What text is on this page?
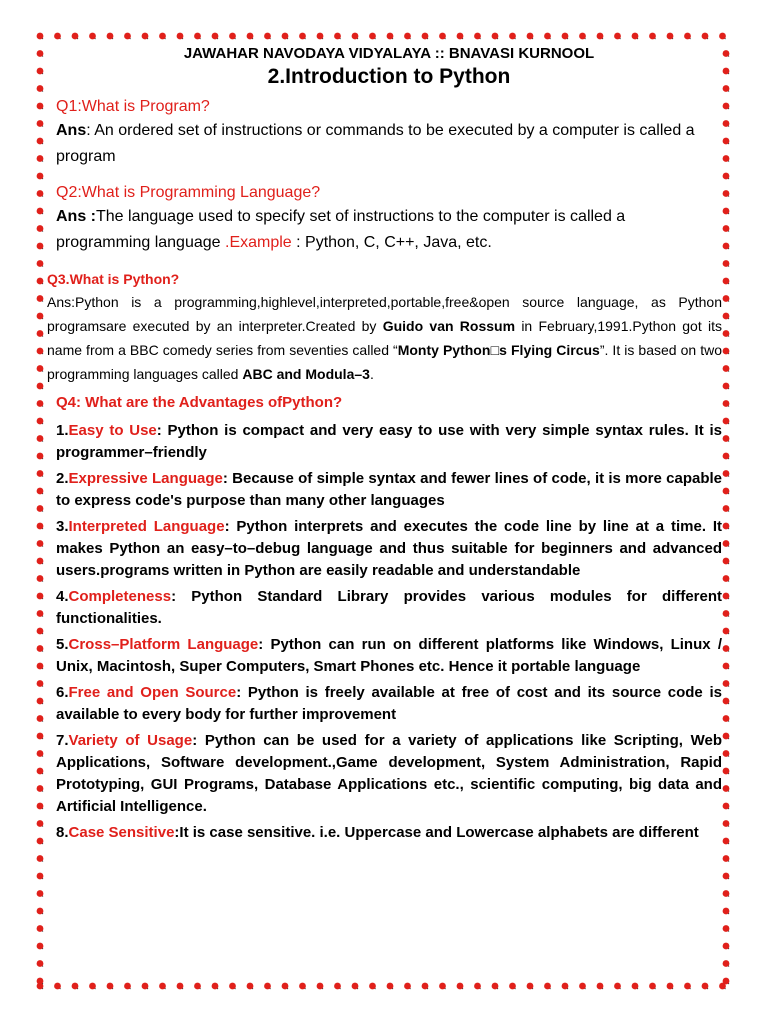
JAWAHAR NAVODAYA VIDYALAYA :: BNAVASI KURNOOL

2.Introduction to Python

Q1:What is Program?

Ans: An ordered set of instructions or commands to be executed by a computer is called a program

Q2:What is Programming Language?

Ans :The language used to specify set of instructions to the computer is called a programming language .Example : Python, C, C++, Java, etc.

Q3.What is Python?

Ans:Python is a programming,highlevel,interpreted,portable,free&open source language, as Python programsare executed by an interpreter.Created by Guido van Rossum in February,1991.Python got its name from a BBC comedy series from seventies called “Monty Python□s Flying Circus”. It is based on two programming languages called ABC and Modula–3.

Q4: What are the Advantages ofPython?

1.Easy to Use: Python is compact and very easy to use with very simple syntax rules. It is programmer–friendly

2.Expressive Language: Because of simple syntax and fewer lines of code, it is more capable to express code's purpose than many other languages

3.Interpreted Language: Python interprets and executes the code line by line at a time. It makes Python an easy–to–debug language and thus suitable for beginners and advanced users.programs written in Python are easily readable and understandable

4.Completeness: Python Standard Library provides various modules for different functionalities.

5.Cross–Platform Language: Python can run on different platforms like Windows, Linux / Unix, Macintosh, Super Computers, Smart Phones etc. Hence it portable language

6.Free and Open Source: Python is freely available at free of cost and its source code is available to every body for further improvement

7.Variety of Usage: Python can be used for a variety of applications like Scripting, Web Applications, Software development.,Game development, System Administration, Rapid Prototyping, GUI Programs, Database Applications etc., scientific computing, big data and Artificial Intelligence.

8.Case Sensitive:It is case sensitive. i.e. Uppercase and Lowercase alphabets are different
